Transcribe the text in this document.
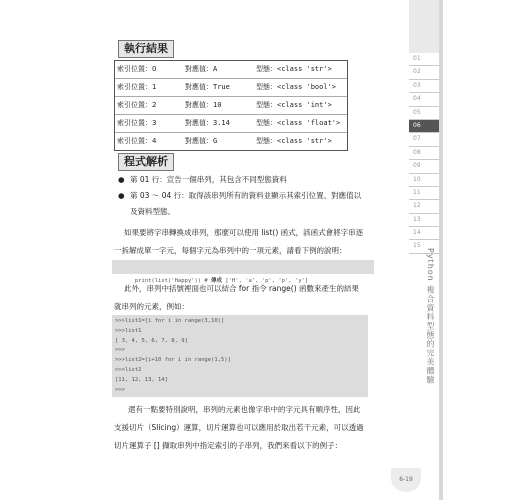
執行結果
索引位置：0	對應值：A	型態：<class 'str'>
索引位置：1	對應值：True	型態：<class 'bool'>
索引位置：2	對應值：10	型態：<class 'int'>
索引位置：3	對應值：3.14	型態：<class 'float'>
索引位置：4	對應值：G	型態：<class 'str'>
程式解析
● 第 01 行：宣告一個串列，其包含不同型態資料
● 第 03 ～ 04 行：取得該串列所有的資料並顯示其索引位置、對應值以及資料型態。
如果要將字串轉換成串列，那麼可以使用 list() 函式，該函式會將字串逐一拆解成單一字元，每個字元為串列中的一項元素，請看下例的說明：

print(list('Happy')) # 傳成 ['H', 'a', 'p', 'p', 'y']

此外，串列中括號裡面也可以結合 for 指令 range() 函數來產生的結果就串列的元素，例如：
>>>list1=[i for i in range(3,10)]
>>>list1
[ 3, 4, 5, 6, 7, 8, 9]
>>>
>>>list2=[i+10 for i in range(1,5)]
>>>list2
[11, 12, 13, 14]
>>>
還有一點要特別說明，串列的元素也像字串中的字元具有順序性，因此支援切片（Slicing）運算，切片運算也可以應用於取出若干元素，可以透過切片運算子 [] 擷取串列中指定索引的子串列，我們來看以下的例子：
01
02
03
04
05
06
07
08
09
10
11
12
13
14
15
Python 複合資料型態的完美體驗
6-19
